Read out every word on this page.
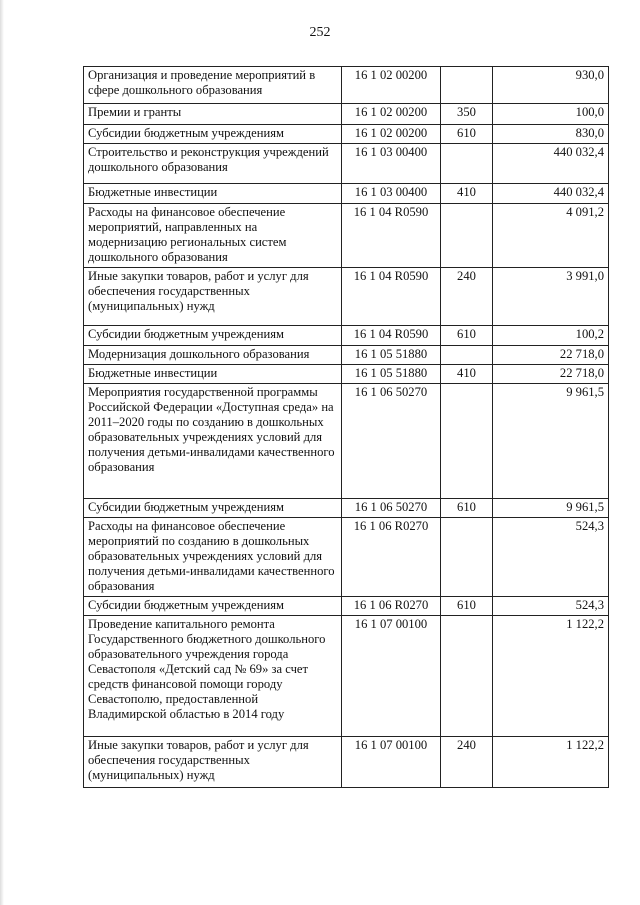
252
Организация и проведение мероприятий в сфере дошкольного образования	16 1 02 00200		930,0
Премии и гранты	16 1 02 00200	350	100,0
Субсидии бюджетным учреждениям	16 1 02 00200	610	830,0
Строительство и реконструкция учреждений дошкольного образования	16 1 03 00400		440 032,4
Бюджетные инвестиции	16 1 03 00400	410	440 032,4
Расходы на финансовое обеспечение мероприятий, направленных на модернизацию региональных систем дошкольного образования	16 1 04 R0590		4 091,2
Иные закупки товаров, работ и услуг для обеспечения государственных (муниципальных) нужд	16 1 04 R0590	240	3 991,0
Субсидии бюджетным учреждениям	16 1 04 R0590	610	100,2
Модернизация дошкольного образования	16 1 05 51880		22 718,0
Бюджетные инвестиции	16 1 05 51880	410	22 718,0
Мероприятия государственной программы Российской Федерации «Доступная среда» на 2011–2020 годы по созданию в дошкольных образовательных учреждениях условий для получения детьми-инвалидами качественного образования	16 1 06 50270		9 961,5
Субсидии бюджетным учреждениям	16 1 06 50270	610	9 961,5
Расходы на финансовое обеспечение мероприятий по созданию в дошкольных образовательных учреждениях условий для получения детьми-инвалидами качественного образования	16 1 06 R0270		524,3
Субсидии бюджетным учреждениям	16 1 06 R0270	610	524,3
Проведение капитального ремонта Государственного бюджетного дошкольного образовательного учреждения города Севастополя «Детский сад № 69» за счет средств финансовой помощи городу Севастополю, предоставленной Владимирской областью в 2014 году	16 1 07 00100		1 122,2
Иные закупки товаров, работ и услуг для обеспечения государственных (муниципальных) нужд	16 1 07 00100	240	1 122,2
